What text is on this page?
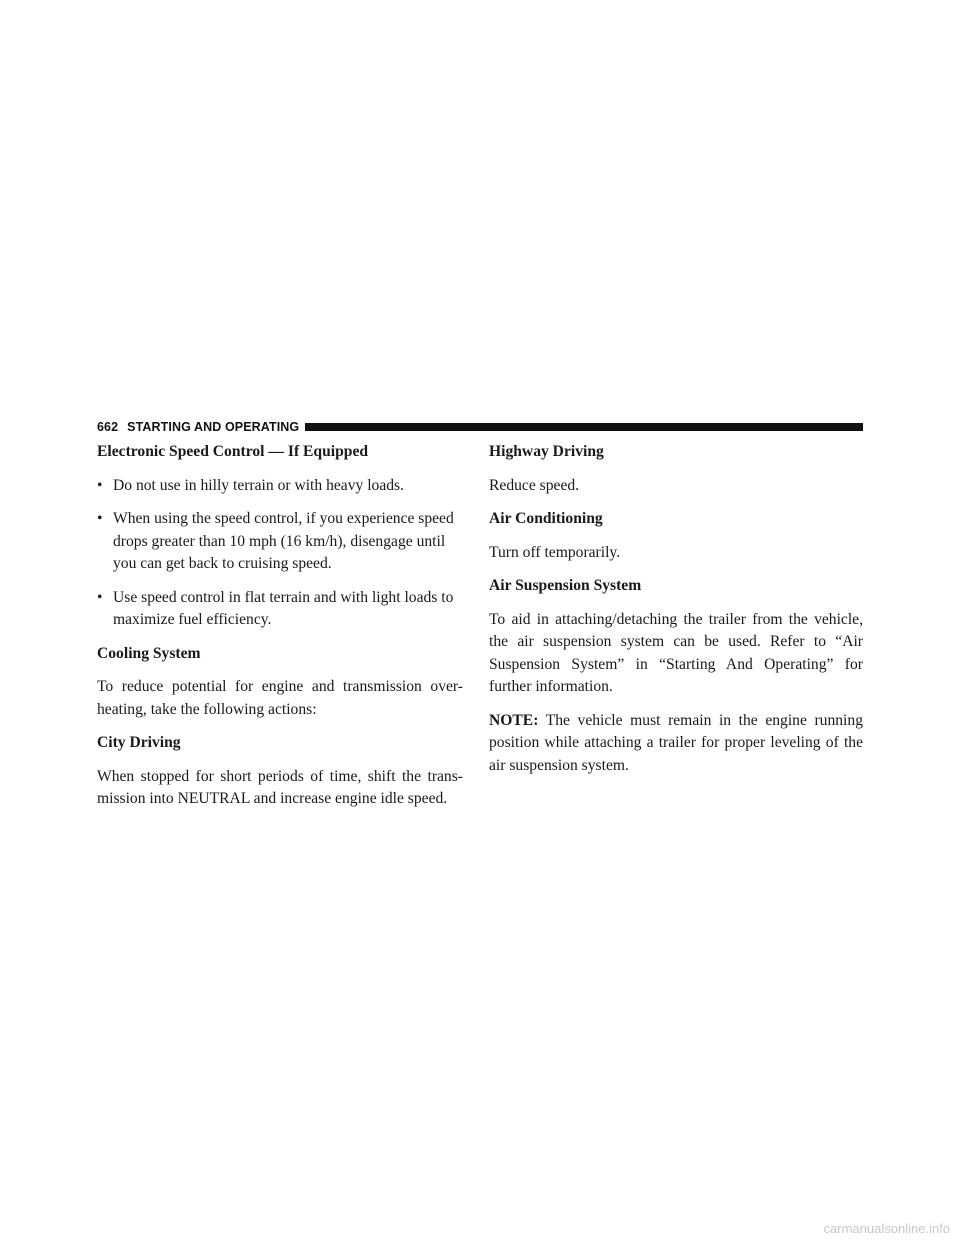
662 STARTING AND OPERATING
Electronic Speed Control — If Equipped
• Do not use in hilly terrain or with heavy loads.
• When using the speed control, if you experience speed drops greater than 10 mph (16 km/h), disengage until you can get back to cruising speed.
• Use speed control in flat terrain and with light loads to maximize fuel efficiency.
Cooling System

To reduce potential for engine and transmission over-heating, take the following actions:

City Driving

When stopped for short periods of time, shift the trans-mission into NEUTRAL and increase engine idle speed.

Highway Driving

Reduce speed.

Air Conditioning

Turn off temporarily.

Air Suspension System

To aid in attaching/detaching the trailer from the vehicle, the air suspension system can be used. Refer to “Air Suspension System” in “Starting And Operating” for further information.

NOTE: The vehicle must remain in the engine running position while attaching a trailer for proper leveling of the air suspension system.

carmanualsonline.info
